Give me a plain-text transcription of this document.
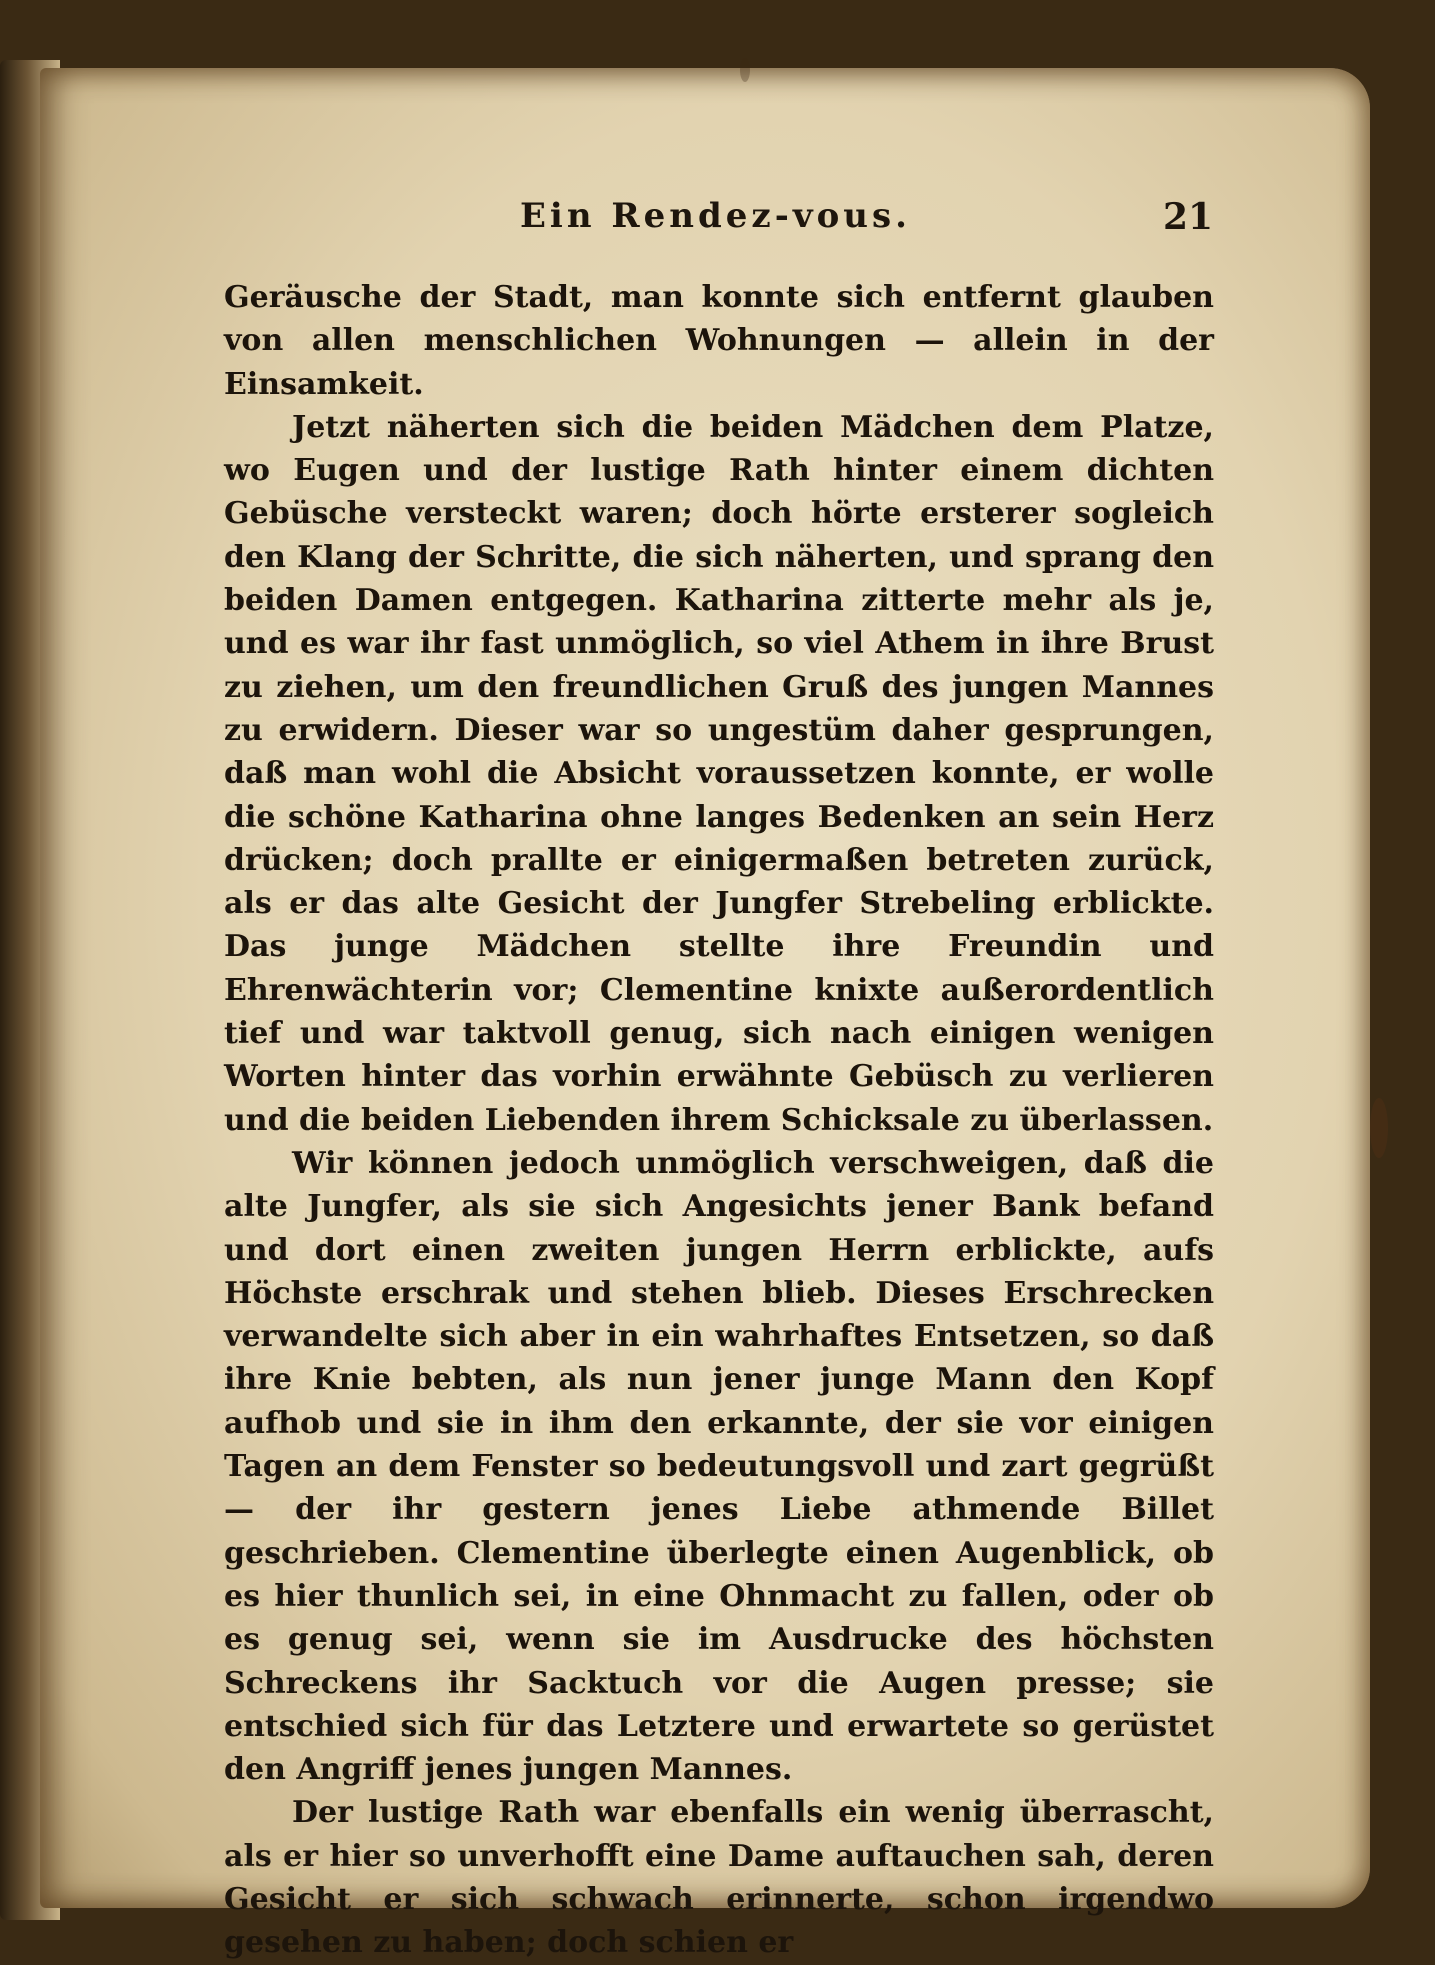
Ein Rendez-vous.	21

Geräusche der Stadt, man konnte sich entfernt glauben von allen menschlichen Wohnungen — allein in der Einsamkeit.

Jetzt näherten sich die beiden Mädchen dem Platze, wo Eugen und der lustige Rath hinter einem dichten Gebüsche versteckt waren; doch hörte ersterer sogleich den Klang der Schritte, die sich näherten, und sprang den beiden Damen entgegen. Katharina zitterte mehr als je, und es war ihr fast unmöglich, so viel Athem in ihre Brust zu ziehen, um den freundlichen Gruß des jungen Mannes zu erwidern. Dieser war so ungestüm daher gesprungen, daß man wohl die Absicht voraussetzen konnte, er wolle die schöne Katharina ohne langes Bedenken an sein Herz drücken; doch prallte er einigermaßen betreten zurück, als er das alte Gesicht der Jungfer Strebeling erblickte. Das junge Mädchen stellte ihre Freundin und Ehrenwächterin vor; Clementine knixte außerordentlich tief und war taktvoll genug, sich nach einigen wenigen Worten hinter das vorhin erwähnte Gebüsch zu verlieren und die beiden Liebenden ihrem Schicksale zu überlassen.

Wir können jedoch unmöglich verschweigen, daß die alte Jungfer, als sie sich Angesichts jener Bank befand und dort einen zweiten jungen Herrn erblickte, aufs Höchste erschrak und stehen blieb. Dieses Erschrecken verwandelte sich aber in ein wahrhaftes Entsetzen, so daß ihre Knie bebten, als nun jener junge Mann den Kopf aufhob und sie in ihm den erkannte, der sie vor einigen Tagen an dem Fenster so bedeutungsvoll und zart gegrüßt — der ihr gestern jenes Liebe athmende Billet geschrieben. Clementine überlegte einen Augenblick, ob es hier thunlich sei, in eine Ohnmacht zu fallen, oder ob es genug sei, wenn sie im Ausdrucke des höchsten Schreckens ihr Sacktuch vor die Augen presse; sie entschied sich für das Letztere und erwartete so gerüstet den Angriff jenes jungen Mannes.

Der lustige Rath war ebenfalls ein wenig überrascht, als er hier so unverhofft eine Dame auftauchen sah, deren Gesicht er sich schwach erinnerte, schon irgendwo gesehen zu haben; doch schien er
